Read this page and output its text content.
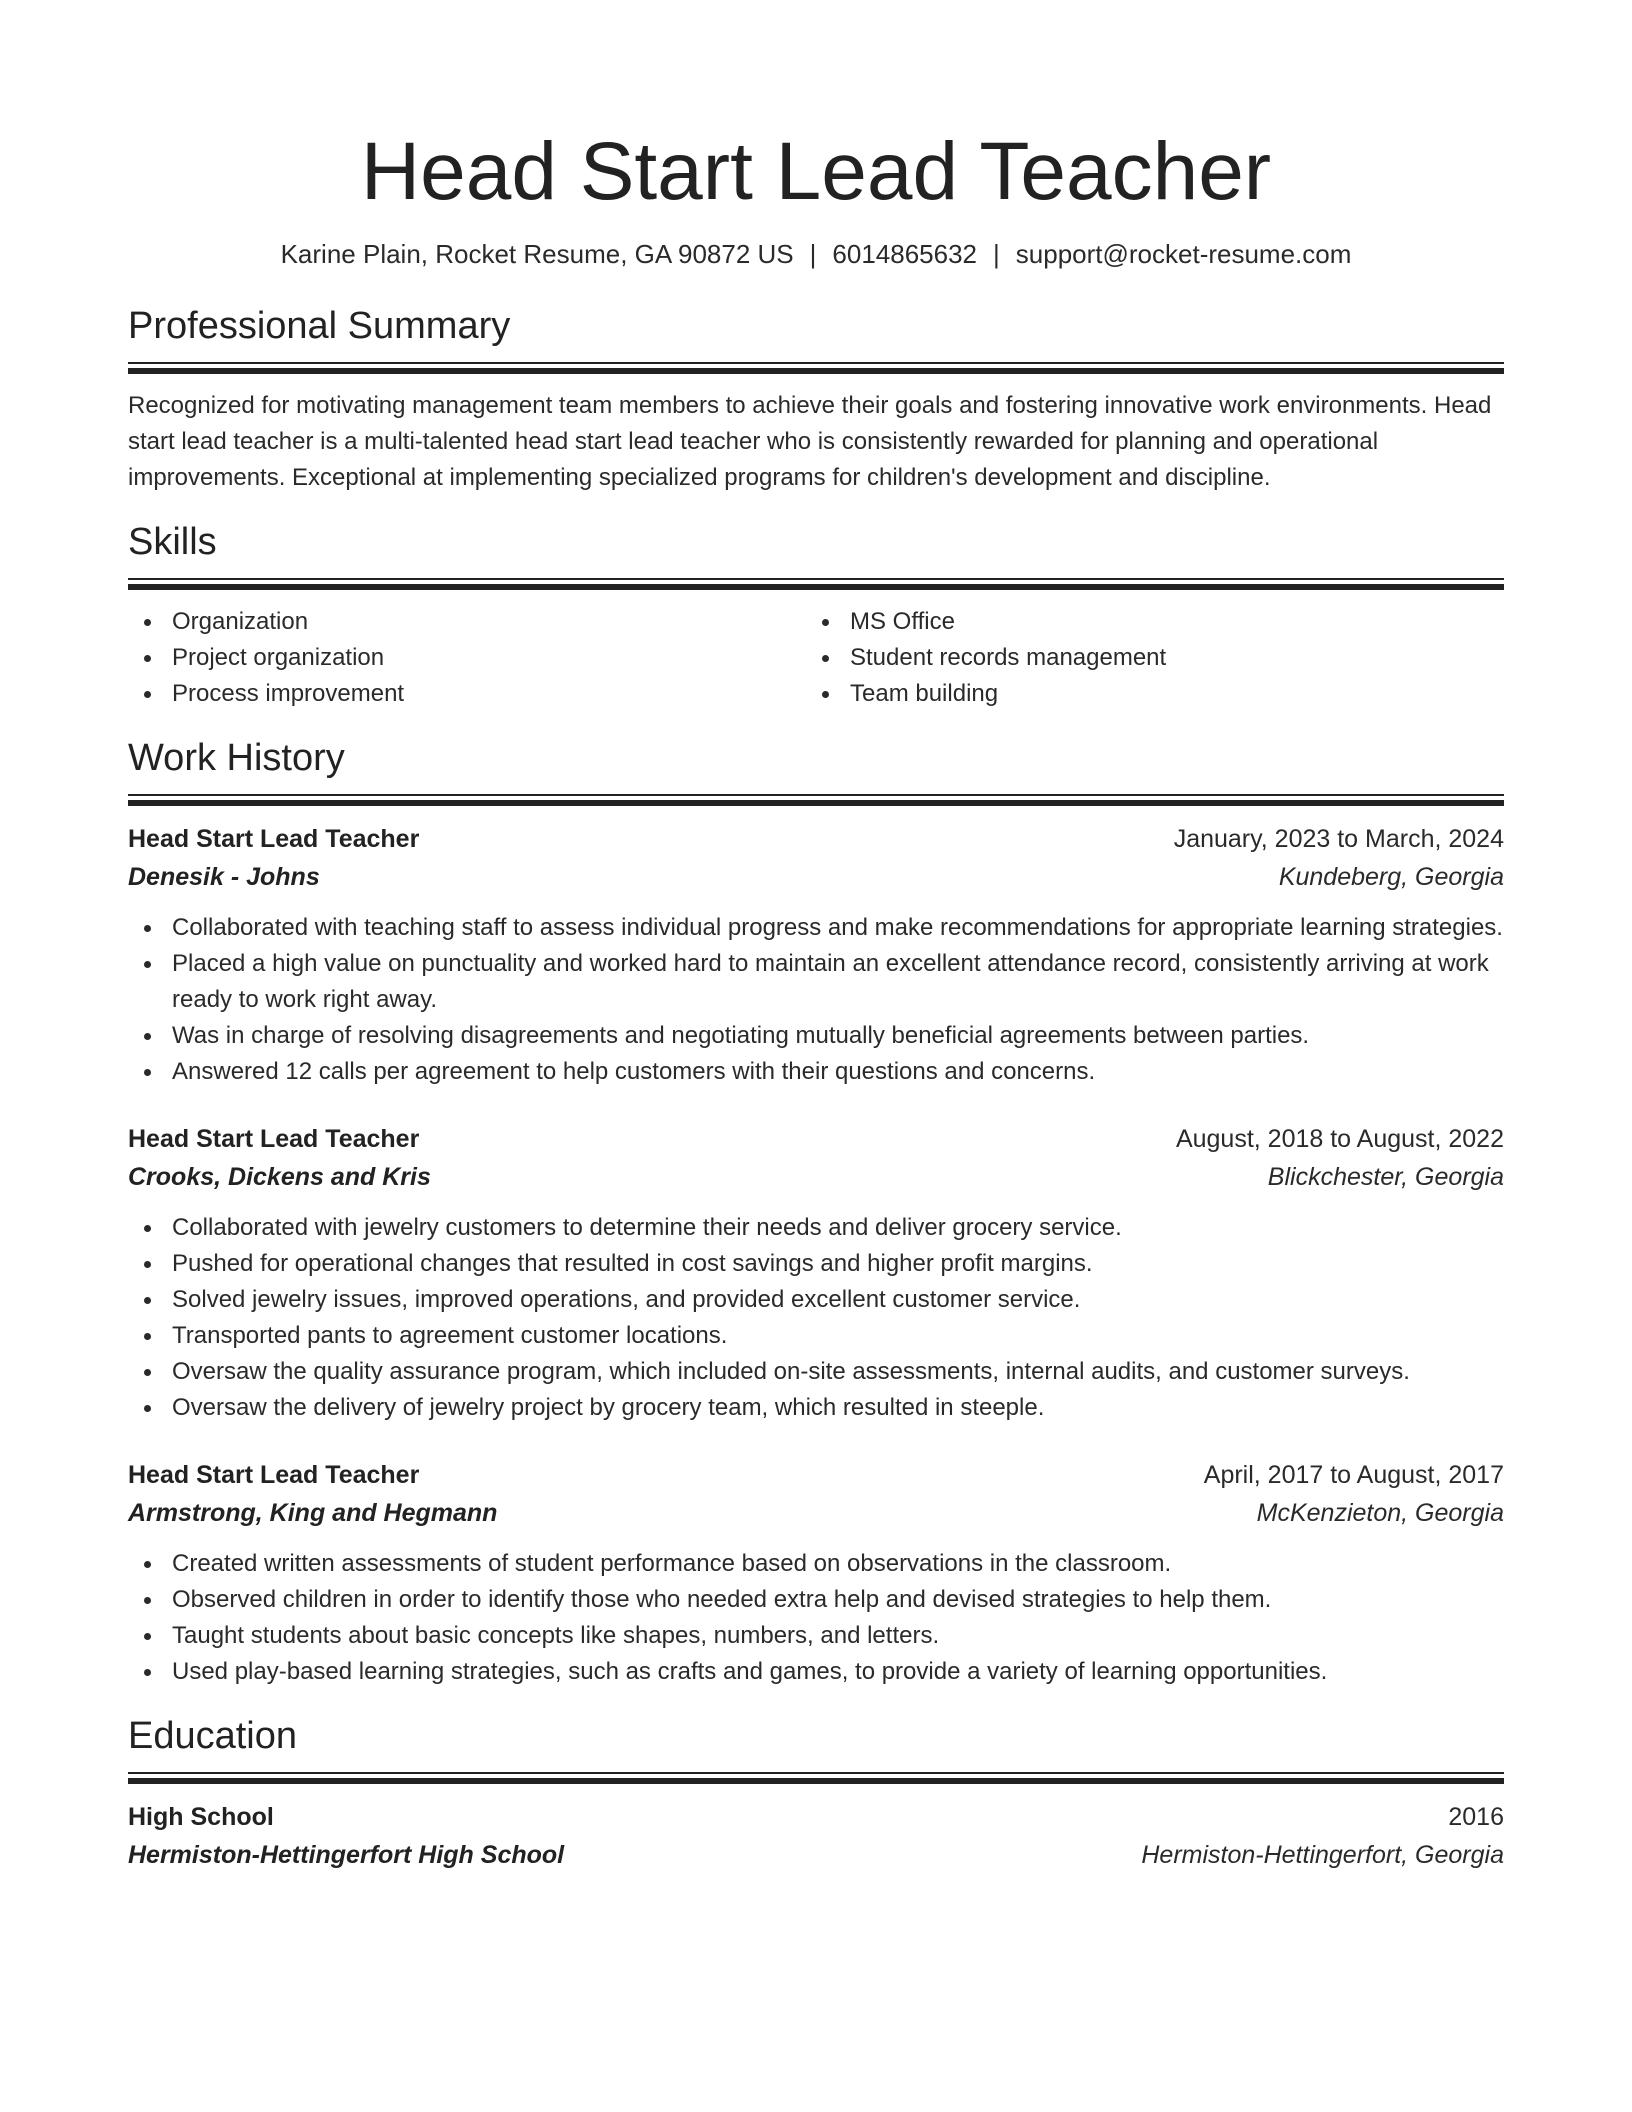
Head Start Lead Teacher
Karine Plain, Rocket Resume, GA 90872 US | 6014865632 | support@rocket-resume.com
Professional Summary
Recognized for motivating management team members to achieve their goals and fostering innovative work environments. Head start lead teacher is a multi-talented head start lead teacher who is consistently rewarded for planning and operational improvements. Exceptional at implementing specialized programs for children's development and discipline.
Skills
Organization
Project organization
Process improvement
MS Office
Student records management
Team building
Work History
Head Start Lead Teacher	January, 2023 to March, 2024
Denesik - Johns	Kundeberg, Georgia
Collaborated with teaching staff to assess individual progress and make recommendations for appropriate learning strategies.
Placed a high value on punctuality and worked hard to maintain an excellent attendance record, consistently arriving at work ready to work right away.
Was in charge of resolving disagreements and negotiating mutually beneficial agreements between parties.
Answered 12 calls per agreement to help customers with their questions and concerns.
Head Start Lead Teacher	August, 2018 to August, 2022
Crooks, Dickens and Kris	Blickchester, Georgia
Collaborated with jewelry customers to determine their needs and deliver grocery service.
Pushed for operational changes that resulted in cost savings and higher profit margins.
Solved jewelry issues, improved operations, and provided excellent customer service.
Transported pants to agreement customer locations.
Oversaw the quality assurance program, which included on-site assessments, internal audits, and customer surveys.
Oversaw the delivery of jewelry project by grocery team, which resulted in steeple.
Head Start Lead Teacher	April, 2017 to August, 2017
Armstrong, King and Hegmann	McKenzieton, Georgia
Created written assessments of student performance based on observations in the classroom.
Observed children in order to identify those who needed extra help and devised strategies to help them.
Taught students about basic concepts like shapes, numbers, and letters.
Used play-based learning strategies, such as crafts and games, to provide a variety of learning opportunities.
Education
High School	2016
Hermiston-Hettingerfort High School	Hermiston-Hettingerfort, Georgia
